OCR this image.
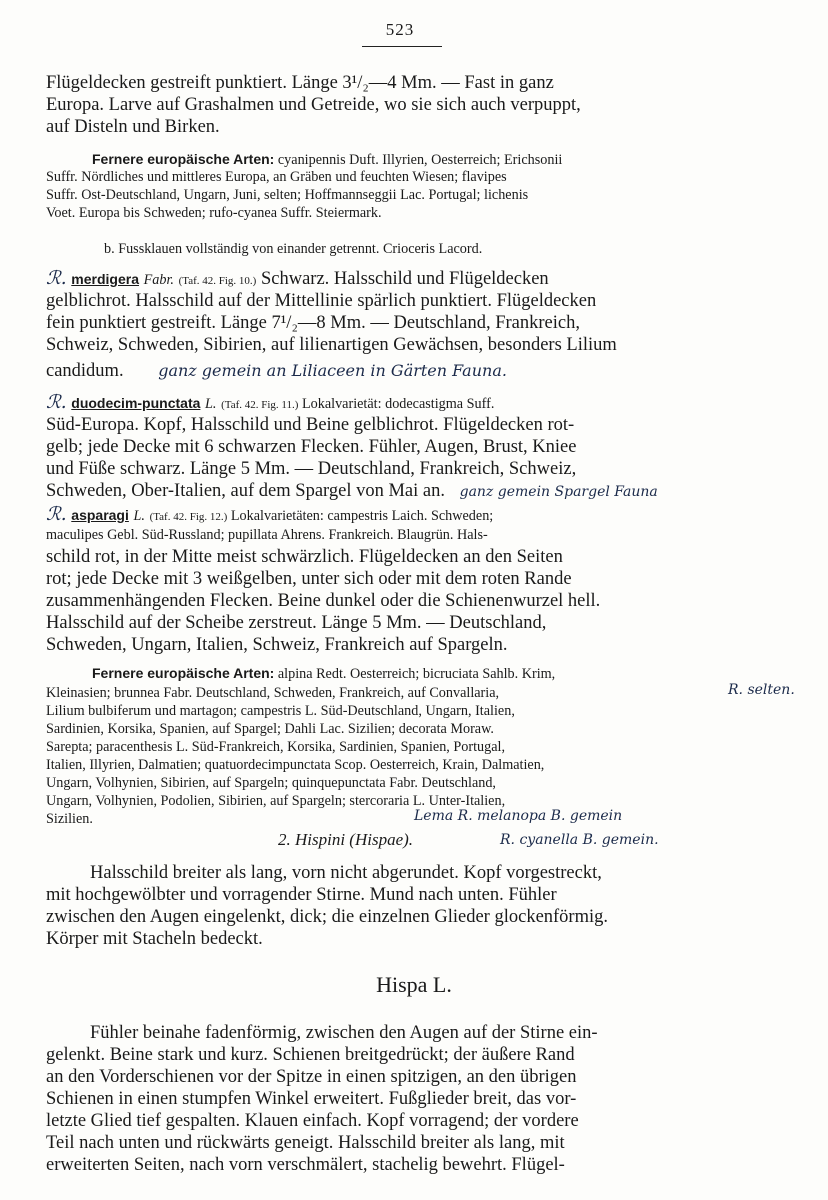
523
Flügeldecken gestreift punktiert. Länge 3¹/₂—4 Mm. — Fast in ganz
Europa. Larve auf Grashalmen und Getreide, wo sie sich auch verpuppt,
auf Disteln und Birken.
Fernere europäische Arten: cyanipennis Duft. Illyrien, Oesterreich; Erichsonii
Suffr. Nördliches und mittleres Europa, an Gräben und feuchten Wiesen; flavipes
Suffr. Ost-Deutschland, Ungarn, Juni, selten; Hoffmannseggii Lac. Portugal; lichenis
Voet. Europa bis Schweden; rufo-cyanea Suffr. Steiermark.
b. Fussklauen vollständig von einander getrennt. Crioceris Lacord.
ℛ. merdigera Fabr. (Taf. 42. Fig. 10.) Schwarz. Halsschild und Flügeldecken
gelblichrot. Halsschild auf der Mittellinie spärlich punktiert. Flügeldecken
fein punktiert gestreift. Länge 7¹/₂—8 Mm. — Deutschland, Frankreich,
Schweiz, Schweden, Sibirien, auf lilienartigen Gewächsen, besonders Lilium
candidum. ganz gemein an Liliaceen in Gärten Fauna.
ℛ. duodecim-punctata L. (Taf. 42. Fig. 11.) Lokalvarietät: dodecastigma Suff.
Süd-Europa. Kopf, Halsschild und Beine gelblichrot. Flügeldecken rot-
gelb; jede Decke mit 6 schwarzen Flecken. Fühler, Augen, Brust, Kniee
und Füße schwarz. Länge 5 Mm. — Deutschland, Frankreich, Schweiz,
Schweden, Ober-Italien, auf dem Spargel von Mai an. ganz gemein Spargel Fauna
ℛ. asparagi L. (Taf. 42. Fig. 12.) Lokalvarietäten: campestris Laich. Schweden;
maculipes Gebl. Süd-Russland; pupillata Ahrens. Frankreich. Blaugrün. Hals-
schild rot, in der Mitte meist schwärzlich. Flügeldecken an den Seiten
rot; jede Decke mit 3 weißgelben, unter sich oder mit dem roten Rande
zusammenhängenden Flecken. Beine dunkel oder die Schienenwurzel hell.
Halsschild auf der Scheibe zerstreut. Länge 5 Mm. — Deutschland,
Schweden, Ungarn, Italien, Schweiz, Frankreich auf Spargeln.
Fernere europäische Arten: alpina Redt. Oesterreich; bicruciata Sahlb. Krim,
Kleinasien; brunnea Fabr. Deutschland, Schweden, Frankreich, auf Convallaria,	R. selten.
Lilium bulbiferum und martagon; campestris L. Süd-Deutschland, Ungarn, Italien,
Sardinien, Korsika, Spanien, auf Spargel; Dahli Lac. Sizilien; decorata Moraw.
Sarepta; paracenthesis L. Süd-Frankreich, Korsika, Sardinien, Spanien, Portugal,
Italien, Illyrien, Dalmatien; quatuordecimpunctata Scop. Oesterreich, Krain, Dalmatien,
Ungarn, Volhynien, Sibirien, auf Spargeln; quinquepunctata Fabr. Deutschland,
Ungarn, Volhynien, Podolien, Sibirien, auf Spargeln; stercoraria L. Unter-Italien,
Sizilien.	Lema R. melanopa B. gemein
2. Hispini (Hispae).	R. cyanella B. gemein.
Halsschild breiter als lang, vorn nicht abgerundet. Kopf vorgestreckt,
mit hochgewölbter und vorragender Stirne. Mund nach unten. Fühler
zwischen den Augen eingelenkt, dick; die einzelnen Glieder glockenförmig.
Körper mit Stacheln bedeckt.
Hispa L.
Fühler beinahe fadenförmig, zwischen den Augen auf der Stirne ein-
gelenkt. Beine stark und kurz. Schienen breitgedrückt; der äußere Rand
an den Vorderschienen vor der Spitze in einen spitzigen, an den übrigen
Schienen in einen stumpfen Winkel erweitert. Fußglieder breit, das vor-
letzte Glied tief gespalten. Klauen einfach. Kopf vorragend; der vordere
Teil nach unten und rückwärts geneigt. Halsschild breiter als lang, mit
erweiterten Seiten, nach vorn verschmälert, stachelig bewehrt. Flügel-
